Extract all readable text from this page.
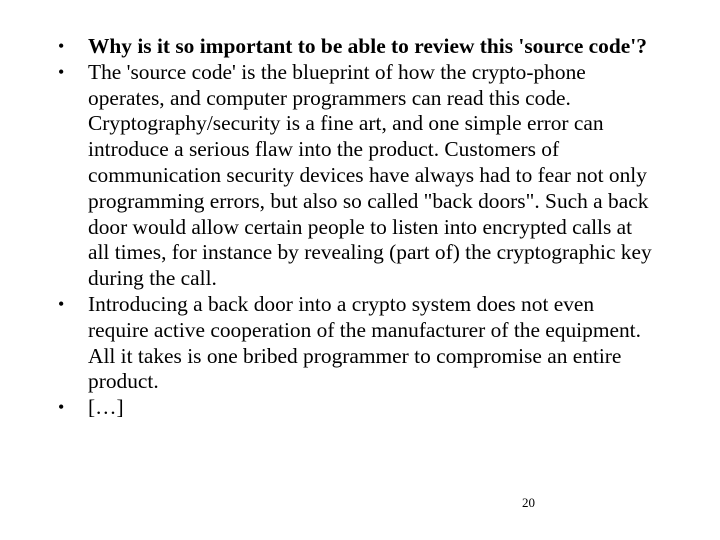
•	Why is it so important to be able to review this 'source code'?
•	The 'source code' is the blueprint of how the crypto-phone operates, and computer programmers can read this code. Cryptography/security is a fine art, and one simple error can introduce a serious flaw into the product. Customers of communication security devices have always had to fear not only programming errors, but also so called "back doors". Such a back door would allow certain people to listen into encrypted calls at all times, for instance by revealing (part of) the cryptographic key during the call.
•	Introducing a back door into a crypto system does not even require active cooperation of the manufacturer of the equipment. All it takes is one bribed programmer to compromise an entire product.
•	[…]
20
